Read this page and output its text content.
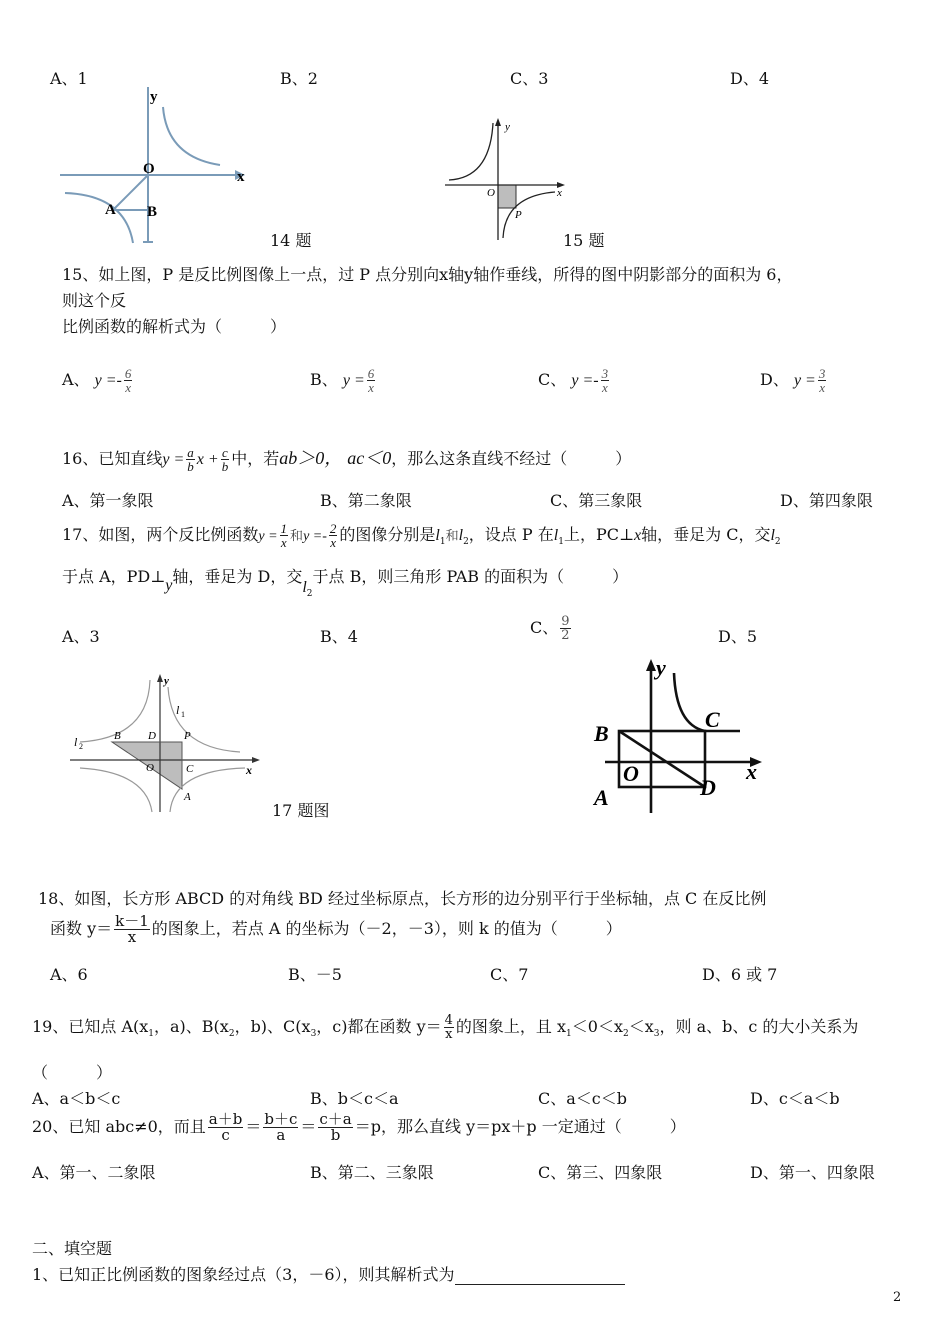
A、1	B、2	C、3	D、4
y
x
O
A B
14 题
y
x
O
P
15 题
15、如上图，P 是反比例图像上一点，过 P 点分别向x轴y轴作垂线，所得的图中阴影部分的面积为 6，
则这个反
比例函数的解析式为（　　　）
A、 $y =- \frac{6}{x}$	B、 $y = \frac{6}{x}$	C、 $y =- \frac{3}{x}$	D、 $y = \frac{3}{x}$
16、已知直线$y = \frac{a}{b}$ $x + \frac{c}{b}$ 中，若ab＞0， ac＜0，那么这条直线不经过（　　　）
A、第一象限	B、第二象限	C、第三象限	D、第四象限
17、如图，两个反比例函数$y = \frac{1}{x}$ 和$y =- \frac{2}{x}$ 的图像分别是$l_1$和$l_2$，设点 P 在$l_1$上，PC⊥x轴，垂足为 C，交$l_2$
于点 A，PD⊥y轴，垂足为 D，交$l_2$于点 B，则三角形 PAB 的面积为（　　　）
A、3	B、4	C、 $\frac{9}{2}$	D、5
y
x
O
B D	P
C
A
l 1
l 2
17 题图
y
x
O
B
C
A	D
18、如图，长方形 ABCD 的对角线 BD 经过坐标原点，长方形的边分别平行于坐标轴，点 C 在反比例
函数 $y= \frac{k-1}{x}$ 的图象上，若点 A 的坐标为（－2，－3），则 k 的值为（　　　）
A、6	B、－5	C、7	D、6 或 7
19、已知点 $A(x_1$，a)、$B(x_2$，b)、$C(x_3$，c)都在函数 $y= \frac{4}{x}$ 的图象上，且 $x_1<0<x_2<x_3$，则 a、b、c 的大小关系为
（　　　）
A、a＜b＜c	B、b＜c＜a	C、a＜c＜b	D、c＜a＜b
20、已知 abc≠0，而且 $\frac{a+b}{c} = \frac{b+c}{a} = \frac{c+a}{b} =p$，那么直线 y＝px＋p 一定通过（　　　）
A、第一、二象限	B、第二、三象限	C、第三、四象限	D、第一、四象限
二、填空题
1、已知正比例函数的图象经过点（3，－6），则其解析式为
2
